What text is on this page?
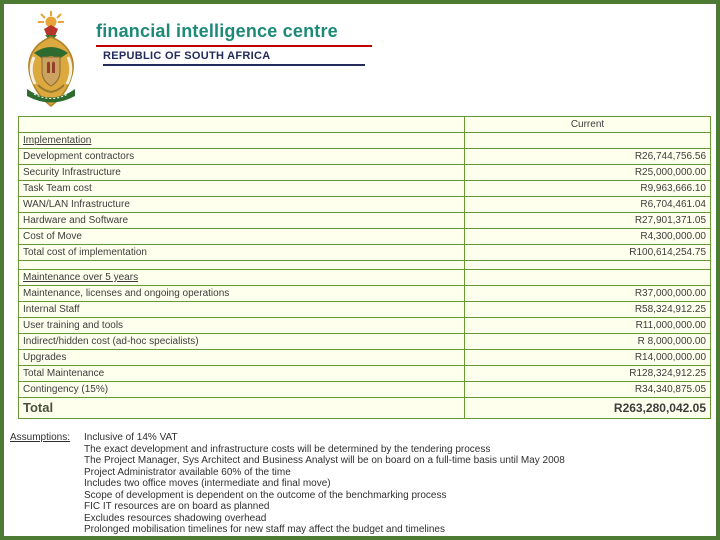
financial intelligence centre
REPUBLIC OF SOUTH AFRICA
	Current
Implementation	
Development contractors	R26,744,756.56
Security Infrastructure	R25,000,000.00
Task Team cost	R9,963,666.10
WAN/LAN Infrastructure	R6,704,461.04
Hardware and Software	R27,901,371.05
Cost of Move	R4,300,000.00
Total cost of implementation	R100,614,254.75

Maintenance over 5 years	
Maintenance, licenses and ongoing operations	R37,000,000.00
Internal Staff	R58,324,912.25
User training and tools	R11,000,000.00
Indirect/hidden cost (ad-hoc specialists)	R 8,000,000.00
Upgrades	R14,000,000.00
Total Maintenance	R128,324,912.25
Contingency (15%)	R34,340,875.05
Total	R263,280,042.05
Assumptions:	Inclusive of 14% VAT
The exact development and infrastructure costs will be determined by the tendering process
The Project Manager, Sys Architect and Business Analyst will be on board on a full-time basis until May 2008
Project Administrator available 60% of the time
Includes two office moves (intermediate and final move)
Scope of development is dependent on the outcome of the benchmarking process
FIC IT resources are on board as planned
Excludes resources shadowing overhead
Prolonged mobilisation timelines for new staff may affect the budget and timelines
